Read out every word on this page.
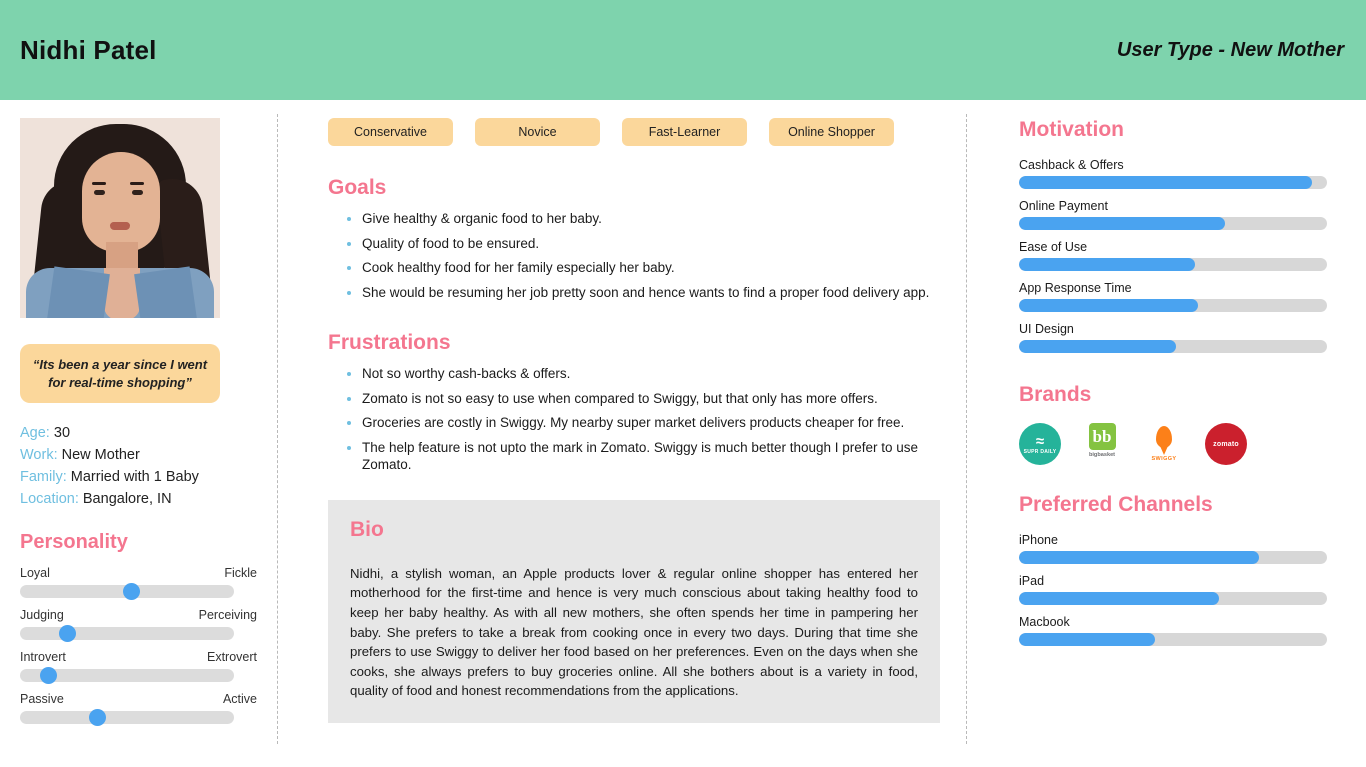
Nidhi Patel	User Type - New Mother
“Its been a year since I went for real-time shopping”
Age: 30
Work: New Mother
Family: Married with 1 Baby
Location: Bangalore, IN
Personality
Loyal	Fickle
Judging	Perceiving
Introvert	Extrovert
Passive	Active
Conservative	Novice	Fast-Learner	Online Shopper
Goals
• Give healthy & organic food to her baby.
• Quality of food to be ensured.
• Cook healthy food for her family especially her baby.
• She would be resuming her job pretty soon and hence wants to find a proper food delivery app.
Frustrations
• Not so worthy cash-backs & offers.
• Zomato is not so easy to use when compared to Swiggy, but that only has more offers.
• Groceries are costly in Swiggy. My nearby super market delivers products cheaper for free.
• The help feature is not upto the mark in Zomato. Swiggy is much better though I prefer to use Zomato.
Bio
Nidhi, a stylish woman, an Apple products lover & regular online shopper has entered her motherhood for the first-time and hence is very much conscious about taking healthy food to keep her baby healthy. As with all new mothers, she often spends her time in pampering her baby. She prefers to take a break from cooking once in every two days. During that time she prefers to use Swiggy to deliver her food based on her preferences. Even on the days when she cooks, she always prefers to buy groceries online. All she bothers about is a variety in food, quality of food and honest recommendations from the applications.
Motivation
Cashback & Offers
Online Payment
Ease of Use
App Response Time
UI Design
Brands
≈
SUPR DAILY
bb
bigbasket
SWIGGY
zomato
Preferred Channels
iPhone
iPad
Macbook
